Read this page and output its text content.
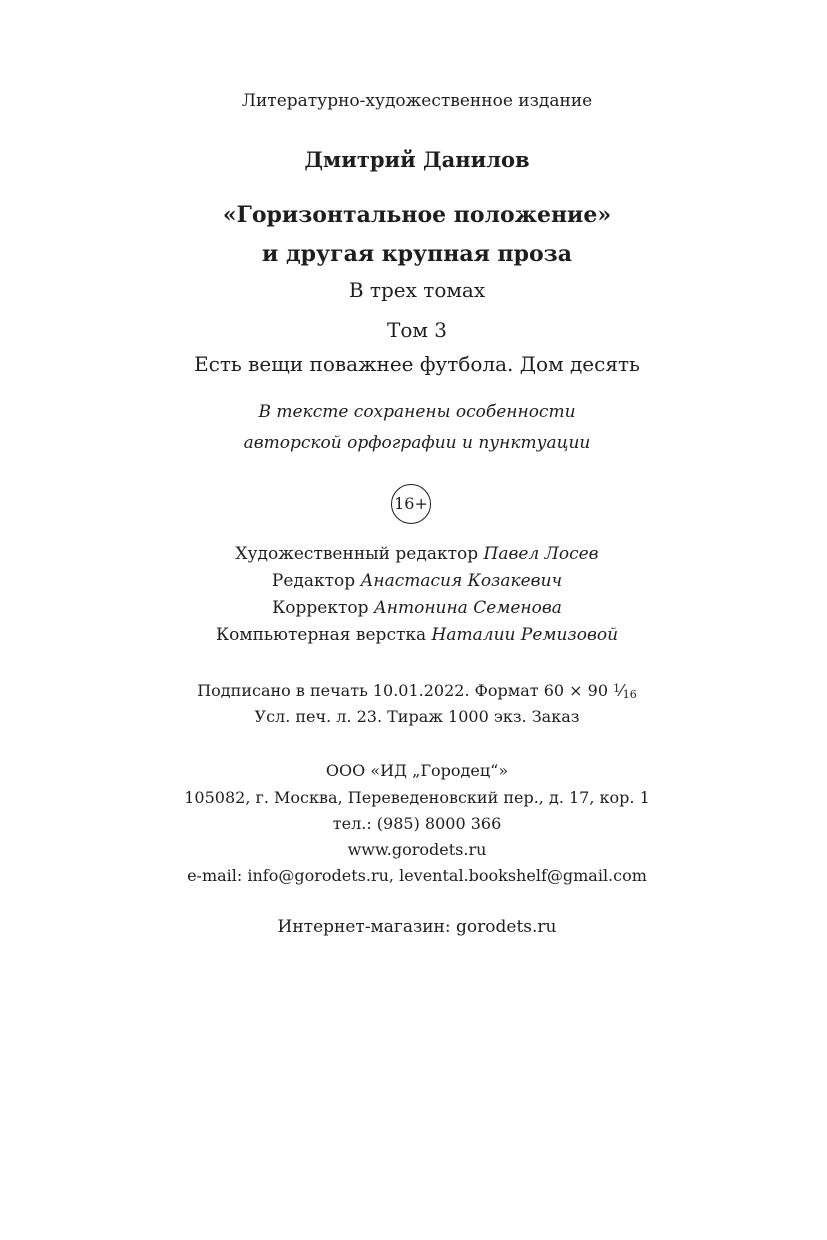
Литературно-художественное издание
Дмитрий Данилов
«Горизонтальное положение»
и другая крупная проза
В трех томах
Том 3
Есть вещи поважнее футбола. Дом десять
В тексте сохранены особенности
авторской орфографии и пунктуации
16+
Художественный редактор Павел Лосев
Редактор Анастасия Козакевич
Корректор Антонина Семенова
Компьютерная верстка Наталии Ремизовой
Подписано в печать 10.01.2022. Формат 60 × 90 $^1$⁄16
Усл. печ. л. 23. Тираж 1000 экз. Заказ
ООО «ИД „Городец“»
105082, г. Москва, Переведеновский пер., д. 17, кор. 1
тел.: (985) 8000 366
www.gorodets.ru
e-mail: info@gorodets.ru, levental.bookshelf@gmail.com
Интернет-магазин: gorodets.ru
